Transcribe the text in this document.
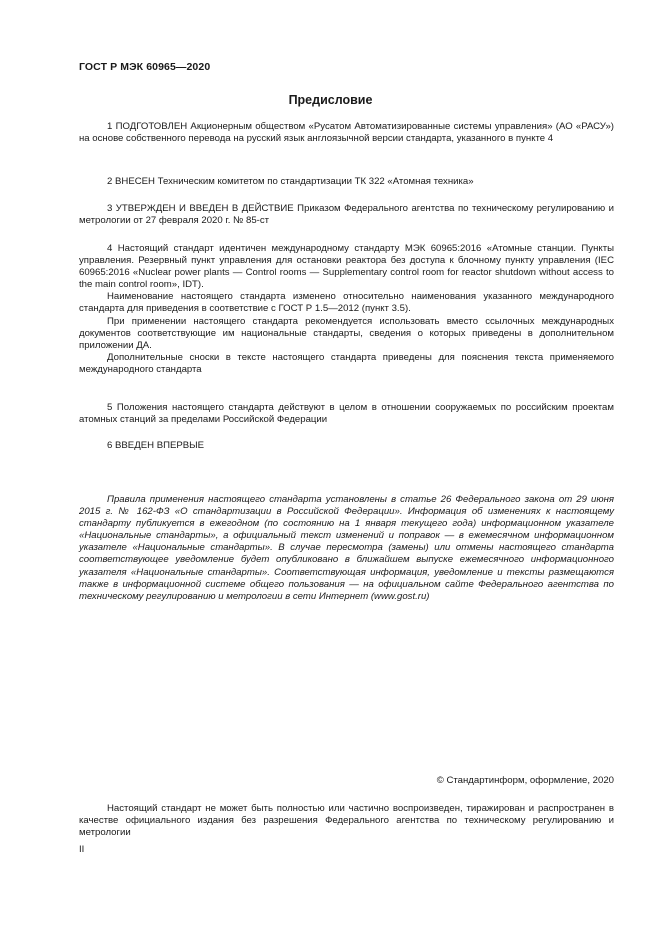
ГОСТ Р МЭК 60965—2020
Предисловие

1 ПОДГОТОВЛЕН Акционерным обществом «Русатом Автоматизированные системы управления» (АО «РАСУ») на основе собственного перевода на русский язык англоязычной версии стандарта, указанного в пункте 4

2 ВНЕСЕН Техническим комитетом по стандартизации ТК 322 «Атомная техника»

3 УТВЕРЖДЕН И ВВЕДЕН В ДЕЙСТВИЕ Приказом Федерального агентства по техническому регулированию и метрологии от 27 февраля 2020 г. № 85-ст

4 Настоящий стандарт идентичен международному стандарту МЭК 60965:2016 «Атомные станции. Пункты управления. Резервный пункт управления для остановки реактора без доступа к блочному пункту управления (IEC 60965:2016 «Nuclear power plants — Control rooms — Supplementary control room for reactor shutdown without access to the main control room», IDT).

Наименование настоящего стандарта изменено относительно наименования указанного международного стандарта для приведения в соответствие с ГОСТ Р 1.5—2012 (пункт 3.5).

При применении настоящего стандарта рекомендуется использовать вместо ссылочных международных документов соответствующие им национальные стандарты, сведения о которых приведены в дополнительном приложении ДА.

Дополнительные сноски в тексте настоящего стандарта приведены для пояснения текста применяемого международного стандарта

5 Положения настоящего стандарта действуют в целом в отношении сооружаемых по российским проектам атомных станций за пределами Российской Федерации

6 ВВЕДЕН ВПЕРВЫЕ

Правила применения настоящего стандарта установлены в статье 26 Федерального закона от 29 июня 2015 г. № 162-ФЗ «О стандартизации в Российской Федерации». Информация об изменениях к настоящему стандарту публикуется в ежегодном (по состоянию на 1 января текущего года) информационном указателе «Национальные стандарты», а официальный текст изменений и поправок — в ежемесячном информационном указателе «Национальные стандарты». В случае пересмотра (замены) или отмены настоящего стандарта соответствующее уведомление будет опубликовано в ближайшем выпуске ежемесячного информационного указателя «Национальные стандарты». Соответствующая информация, уведомление и тексты размещаются также в информационной системе общего пользования — на официальном сайте Федерального агентства по техническому регулированию и метрологии в сети Интернет (www.gost.ru)

© Стандартинформ, оформление, 2020

Настоящий стандарт не может быть полностью или частично воспроизведен, тиражирован и распространен в качестве официального издания без разрешения Федерального агентства по техническому регулированию и метрологии

II
